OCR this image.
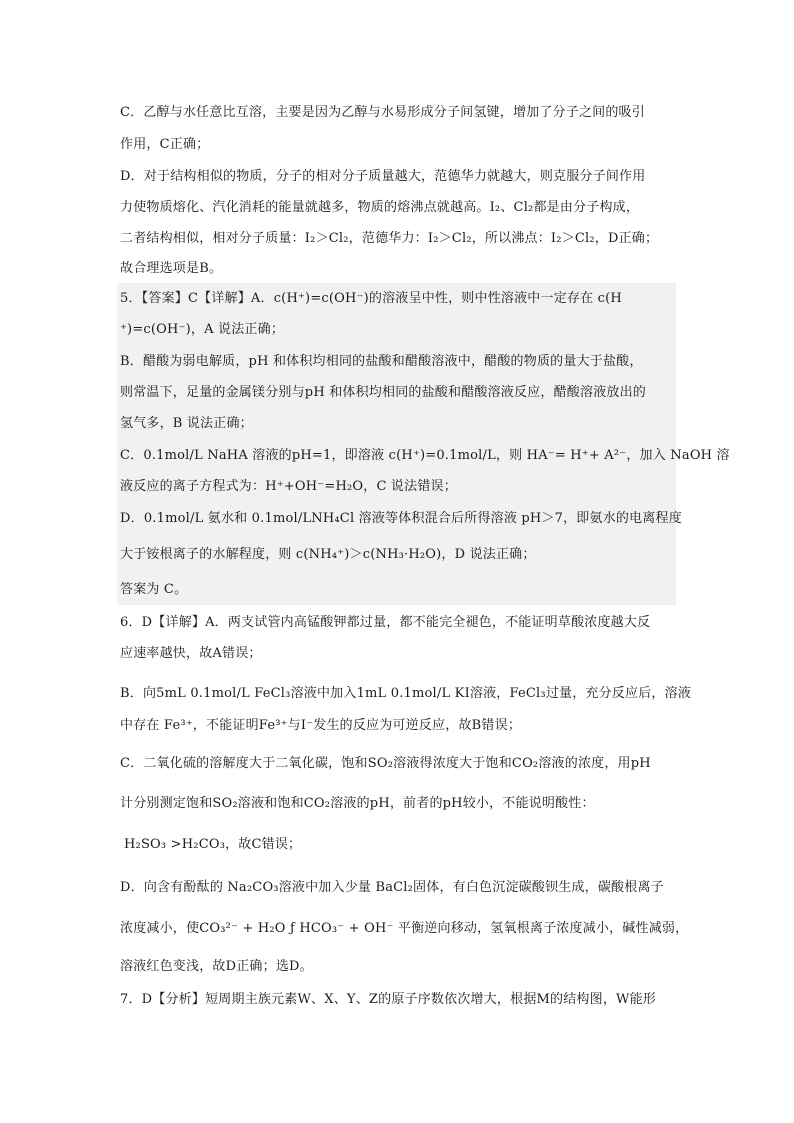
C．乙醇与水任意比互溶，主要是因为乙醇与水易形成分子间氢键，增加了分子之间的吸引
作用，C正确；
D．对于结构相似的物质，分子的相对分子质量越大，范德华力就越大，则克服分子间作用
力使物质熔化、汽化消耗的能量就越多，物质的熔沸点就越高。I₂、Cl₂都是由分子构成，
二者结构相似，相对分子质量：I₂＞Cl₂，范德华力：I₂＞Cl₂，所以沸点：I₂＞Cl₂，D正确；
故合理选项是B。
5．【答案】C【详解】A．c(H⁺)=c(OH⁻)的溶液呈中性，则中性溶液中一定存在 c(H
⁺)=c(OH⁻)，A 说法正确；
B．醋酸为弱电解质，pH 和体积均相同的盐酸和醋酸溶液中，醋酸的物质的量大于盐酸，
则常温下，足量的金属镁分别与pH 和体积均相同的盐酸和醋酸溶液反应，醋酸溶液放出的
氢气多，B 说法正确；
C．0.1mol/L NaHA 溶液的pH=1，即溶液 c(H⁺)=0.1mol/L，则 HA⁻= H⁺+ A²⁻，加入 NaOH 溶
液反应的离子方程式为：H⁺+OH⁻=H₂O，C 说法错误；
D．0.1mol/L 氨水和 0.1mol/LNH₄Cl 溶液等体积混合后所得溶液 pH＞7，即氨水的电离程度
大于铵根离子的水解程度，则 c(NH₄⁺)＞c(NH₃·H₂O)，D 说法正确；
答案为 C。
6．D【详解】A．两支试管内高锰酸钾都过量，都不能完全褪色，不能证明草酸浓度越大反
应速率越快，故A错误；
B．向5mL 0.1mol/L FeCl₃溶液中加入1mL 0.1mol/L KI溶液，FeCl₃过量，充分反应后，溶液
中存在 Fe³⁺，不能证明Fe³⁺与I⁻发生的反应为可逆反应，故B错误；
C．二氧化硫的溶解度大于二氧化碳，饱和SO₂溶液得浓度大于饱和CO₂溶液的浓度，用pH
计分别测定饱和SO₂溶液和饱和CO₂溶液的pH，前者的pH较小，不能说明酸性：
H₂SO₃ >H₂CO₃，故C错误；
D．向含有酚酞的 Na₂CO₃溶液中加入少量 BaCl₂固体，有白色沉淀碳酸钡生成，碳酸根离子
浓度减小，使CO₃²⁻ + H₂O ƒ HCO₃⁻ + OH⁻ 平衡逆向移动，氢氧根离子浓度减小，碱性减弱，
溶液红色变浅，故D正确；选D。
7．D【分析】短周期主族元素W、X、Y、Z的原子序数依次增大，根据M的结构图，W能形
